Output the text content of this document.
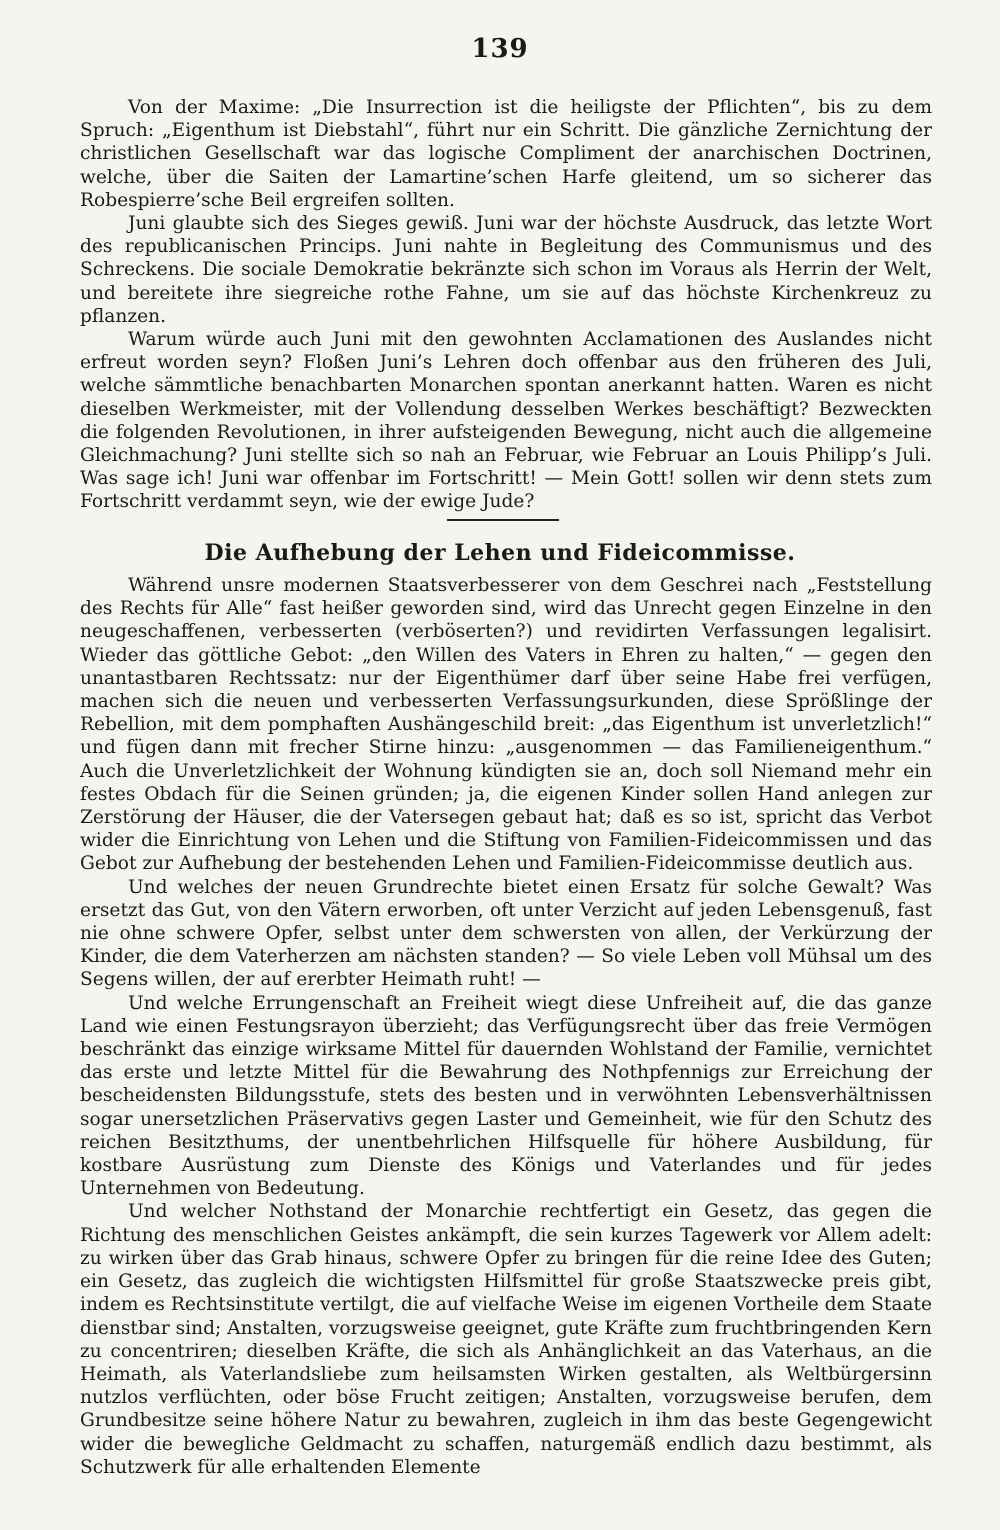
139

Von der Maxime: „Die Insurrection ist die heiligste der Pflichten“, bis zu dem Spruch: „Eigenthum ist Diebstahl“, führt nur ein Schritt. Die gänzliche Zernichtung der christlichen Gesellschaft war das logische Compliment der anarchischen Doctrinen, welche, über die Saiten der Lamartine’schen Harfe gleitend, um so sicherer das Robespierre’sche Beil ergreifen sollten.

Juni glaubte sich des Sieges gewiß. Juni war der höchste Ausdruck, das letzte Wort des republicanischen Princips. Juni nahte in Begleitung des Communismus und des Schreckens. Die sociale Demokratie bekränzte sich schon im Voraus als Herrin der Welt, und bereitete ihre siegreiche rothe Fahne, um sie auf das höchste Kirchenkreuz zu pflanzen.

Warum würde auch Juni mit den gewohnten Acclamationen des Auslandes nicht erfreut worden seyn? Floßen Juni’s Lehren doch offenbar aus den früheren des Juli, welche sämmtliche benachbarten Monarchen spontan anerkannt hatten. Waren es nicht dieselben Werkmeister, mit der Vollendung desselben Werkes beschäftigt? Bezweckten die folgenden Revolutionen, in ihrer aufsteigenden Bewegung, nicht auch die allgemeine Gleichmachung? Juni stellte sich so nah an Februar, wie Februar an Louis Philipp’s Juli. Was sage ich! Juni war offenbar im Fortschritt! — Mein Gott! sollen wir denn stets zum Fortschritt verdammt seyn, wie der ewige Jude?

Die Aufhebung der Lehen und Fideicommisse.

Während unsre modernen Staatsverbesserer von dem Geschrei nach „Feststellung des Rechts für Alle“ fast heißer geworden sind, wird das Unrecht gegen Einzelne in den neugeschaffenen, verbesserten (verböserten?) und revidirten Verfassungen legalisirt. Wieder das göttliche Gebot: „den Willen des Vaters in Ehren zu halten,“ — gegen den unantastbaren Rechtssatz: nur der Eigenthümer darf über seine Habe frei verfügen, machen sich die neuen und verbesserten Verfassungsurkunden, diese Sprößlinge der Rebellion, mit dem pomphaften Aushängeschild breit: „das Eigenthum ist unverletzlich!“ und fügen dann mit frecher Stirne hinzu: „ausgenommen — das Familieneigenthum.“ Auch die Unverletzlichkeit der Wohnung kündigten sie an, doch soll Niemand mehr ein festes Obdach für die Seinen gründen; ja, die eigenen Kinder sollen Hand anlegen zur Zerstörung der Häuser, die der Vatersegen gebaut hat; daß es so ist, spricht das Verbot wider die Einrichtung von Lehen und die Stiftung von Familien-Fideicommissen und das Gebot zur Aufhebung der bestehenden Lehen und Familien-Fideicommisse deutlich aus.

Und welches der neuen Grundrechte bietet einen Ersatz für solche Gewalt? Was ersetzt das Gut, von den Vätern erworben, oft unter Verzicht auf jeden Lebensgenuß, fast nie ohne schwere Opfer, selbst unter dem schwersten von allen, der Verkürzung der Kinder, die dem Vaterherzen am nächsten standen? — So viele Leben voll Mühsal um des Segens willen, der auf ererbter Heimath ruht! —

Und welche Errungenschaft an Freiheit wiegt diese Unfreiheit auf, die das ganze Land wie einen Festungsrayon überzieht; das Verfügungsrecht über das freie Vermögen beschränkt das einzige wirksame Mittel für dauernden Wohlstand der Familie, vernichtet das erste und letzte Mittel für die Bewahrung des Nothpfennigs zur Erreichung der bescheidensten Bildungsstufe, stets des besten und in verwöhnten Lebensverhältnissen sogar unersetzlichen Präservativs gegen Laster und Gemeinheit, wie für den Schutz des reichen Besitzthums, der unentbehrlichen Hilfsquelle für höhere Ausbildung, für kostbare Ausrüstung zum Dienste des Königs und Vaterlandes und für jedes Unternehmen von Bedeutung.

Und welcher Nothstand der Monarchie rechtfertigt ein Gesetz, das gegen die Richtung des menschlichen Geistes ankämpft, die sein kurzes Tagewerk vor Allem adelt: zu wirken über das Grab hinaus, schwere Opfer zu bringen für die reine Idee des Guten; ein Gesetz, das zugleich die wichtigsten Hilfsmittel für große Staatszwecke preis gibt, indem es Rechtsinstitute vertilgt, die auf vielfache Weise im eigenen Vortheile dem Staate dienstbar sind; Anstalten, vorzugsweise geeignet, gute Kräfte zum fruchtbringenden Kern zu concentriren; dieselben Kräfte, die sich als Anhänglichkeit an das Vaterhaus, an die Heimath, als Vaterlandsliebe zum heilsamsten Wirken gestalten, als Weltbürgersinn nutzlos verflüchten, oder böse Frucht zeitigen; Anstalten, vorzugsweise berufen, dem Grundbesitze seine höhere Natur zu bewahren, zugleich in ihm das beste Gegengewicht wider die bewegliche Geldmacht zu schaffen, naturgemäß endlich dazu bestimmt, als Schutzwerk für alle erhaltenden Elemente
